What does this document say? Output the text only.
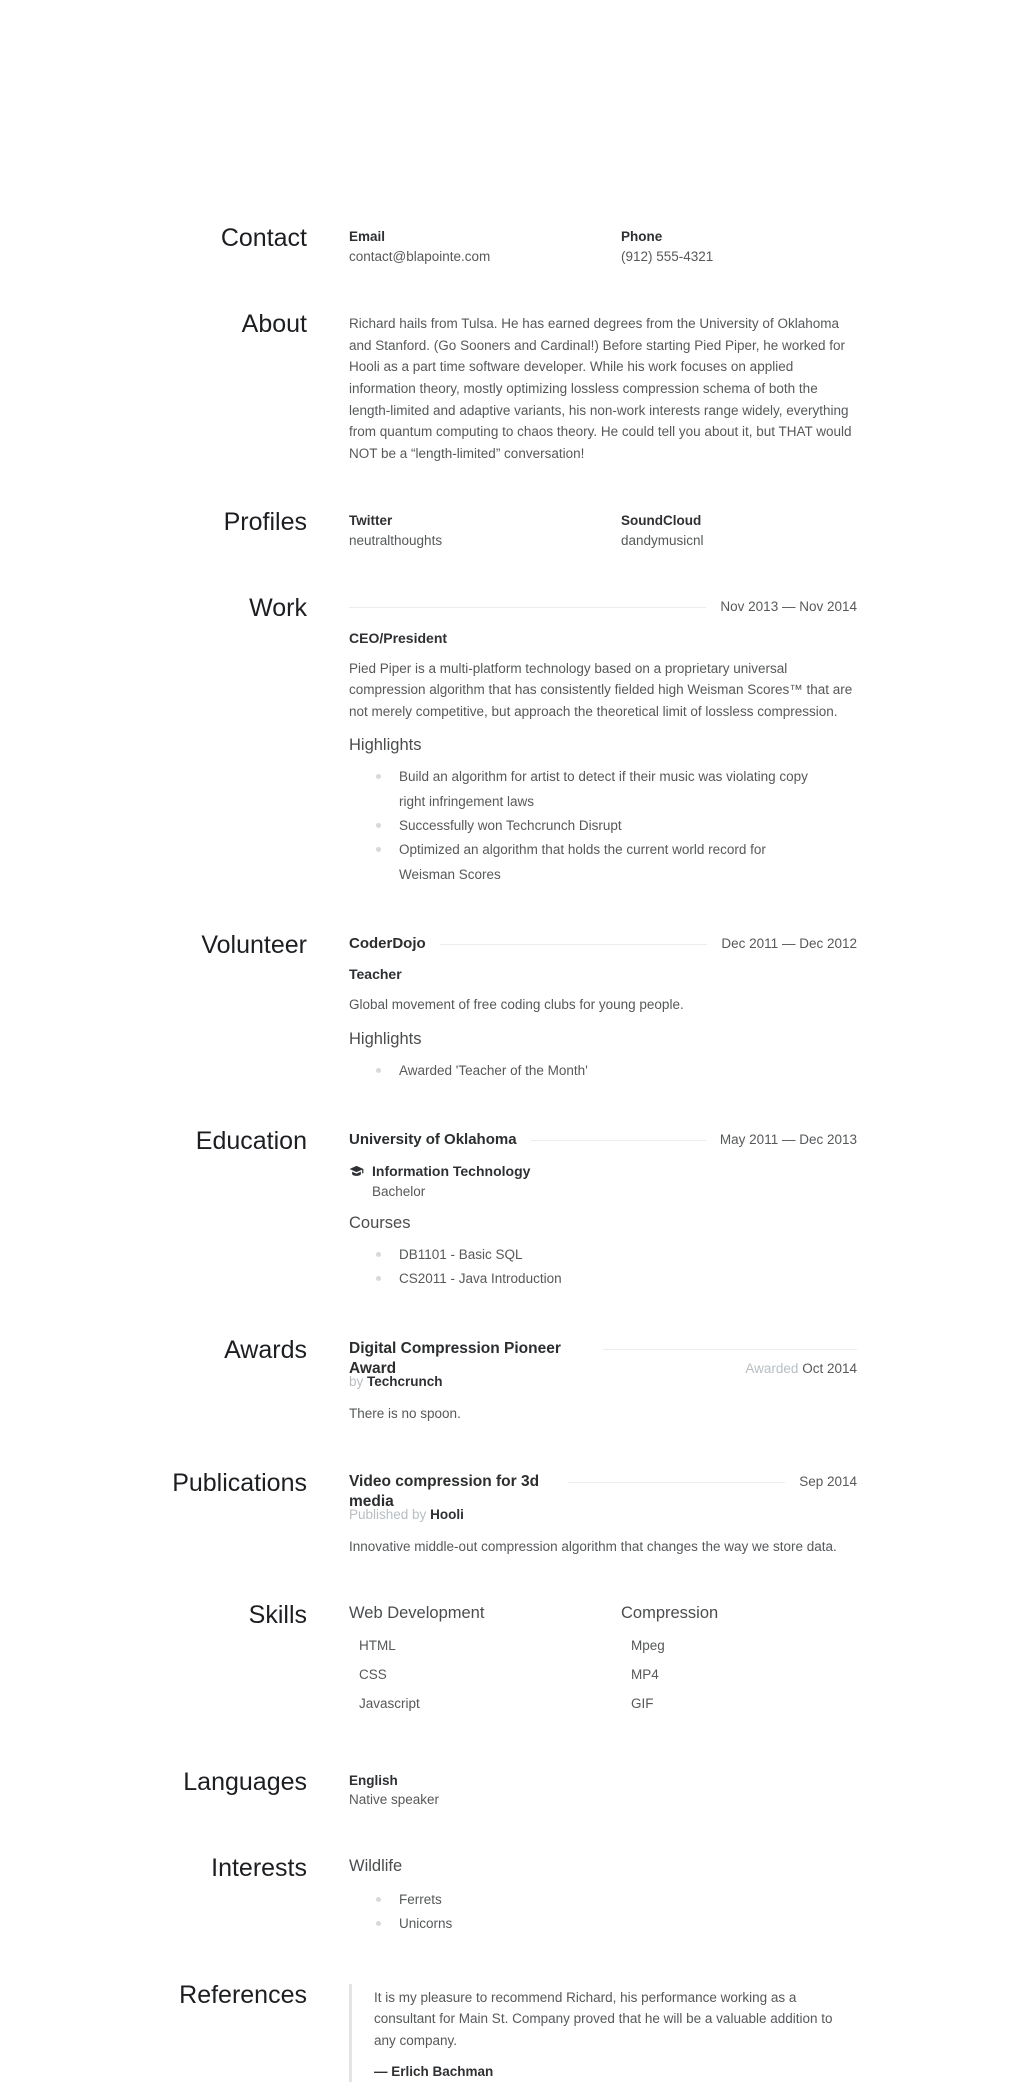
Contact	Email
contact@blapointe.com
Phone
(912) 555-4321
About	Richard hails from Tulsa. He has earned degrees from the University of Oklahoma and Stanford. (Go Sooners and Cardinal!) Before starting Pied Piper, he worked for Hooli as a part time software developer. While his work focuses on applied information theory, mostly optimizing lossless compression schema of both the length-limited and adaptive variants, his non-work interests range widely, everything from quantum computing to chaos theory. He could tell you about it, but THAT would NOT be a “length-limited” conversation!

Profiles	Twitter
neutralthoughts
SoundCloud
dandymusicnl
Work	Nov 2013 — Nov 2014
CEO/President

Pied Piper is a multi-platform technology based on a proprietary universal compression algorithm that has consistently fielded high Weisman Scores™ that are not merely competitive, but approach the theoretical limit of lossless compression.

Highlights
Build an algorithm for artist to detect if their music was violating copy right infringement laws
Successfully won Techcrunch Disrupt
Optimized an algorithm that holds the current world record for Weisman Scores
Volunteer	CoderDojo	Dec 2011 — Dec 2012
Teacher

Global movement of free coding clubs for young people.

Highlights
Awarded 'Teacher of the Month'
Education	University of Oklahoma	May 2011 — Dec 2013
Information Technology
Bachelor
Courses
DB1101 - Basic SQL
CS2011 - Java Introduction
Awards	Digital Compression Pioneer Award	Awarded Oct 2014
by Techcrunch

There is no spoon.

Publications	Video compression for 3d media
Sep 2014
Published by Hooli

Innovative middle-out compression algorithm that changes the way we store data.

Skills	Web Development
HTML
CSS
Javascript
Compression
Mpeg
MP4
GIF
Languages	English
Native speaker
Interests	Wildlife
Ferrets
Unicorns
References	It is my pleasure to recommend Richard, his performance working as a consultant for Main St. Company proved that he will be a valuable addition to any company.

— Erlich Bachman
